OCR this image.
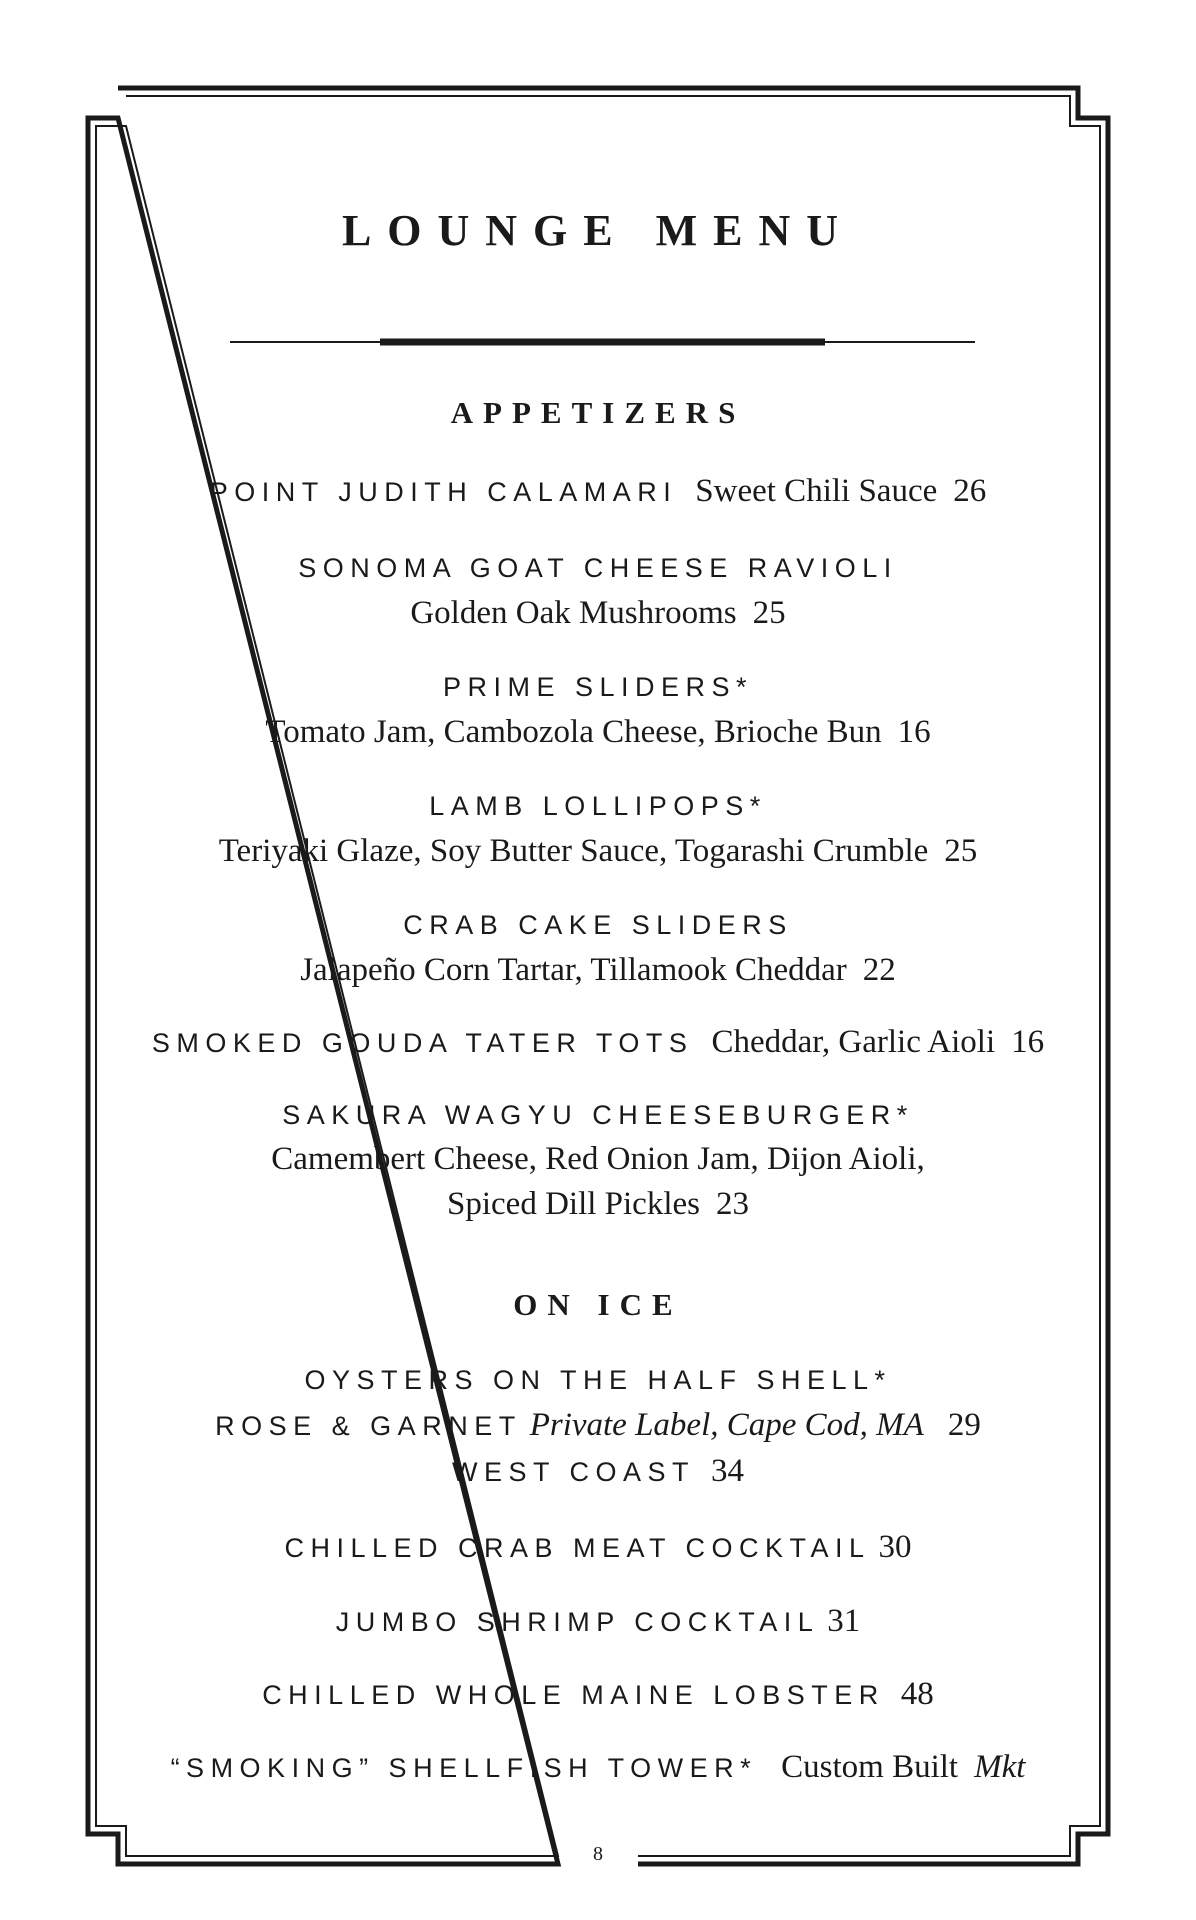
LOUNGE MENU
APPETIZERS
POINT JUDITH CALAMARI Sweet Chili Sauce 26
SONOMA GOAT CHEESE RAVIOLI
Golden Oak Mushrooms 25
PRIME SLIDERS*
Tomato Jam, Cambozola Cheese, Brioche Bun 16
LAMB LOLLIPOPS*
Teriyaki Glaze, Soy Butter Sauce, Togarashi Crumble 25
CRAB CAKE SLIDERS
Jalapeño Corn Tartar, Tillamook Cheddar 22
SMOKED GOUDA TATER TOTS Cheddar, Garlic Aioli 16
SAKURA WAGYU CHEESEBURGER*
Camembert Cheese, Red Onion Jam, Dijon Aioli,
Spiced Dill Pickles 23
ON ICE
OYSTERS ON THE HALF SHELL*
ROSE & GARNET Private Label, Cape Cod, MA 29
WEST COAST 34
CHILLED CRAB MEAT COCKTAIL 30
JUMBO SHRIMP COCKTAIL 31
CHILLED WHOLE MAINE LOBSTER 48
“SMOKING” SHELLFISH TOWER* Custom Built Mkt
8
